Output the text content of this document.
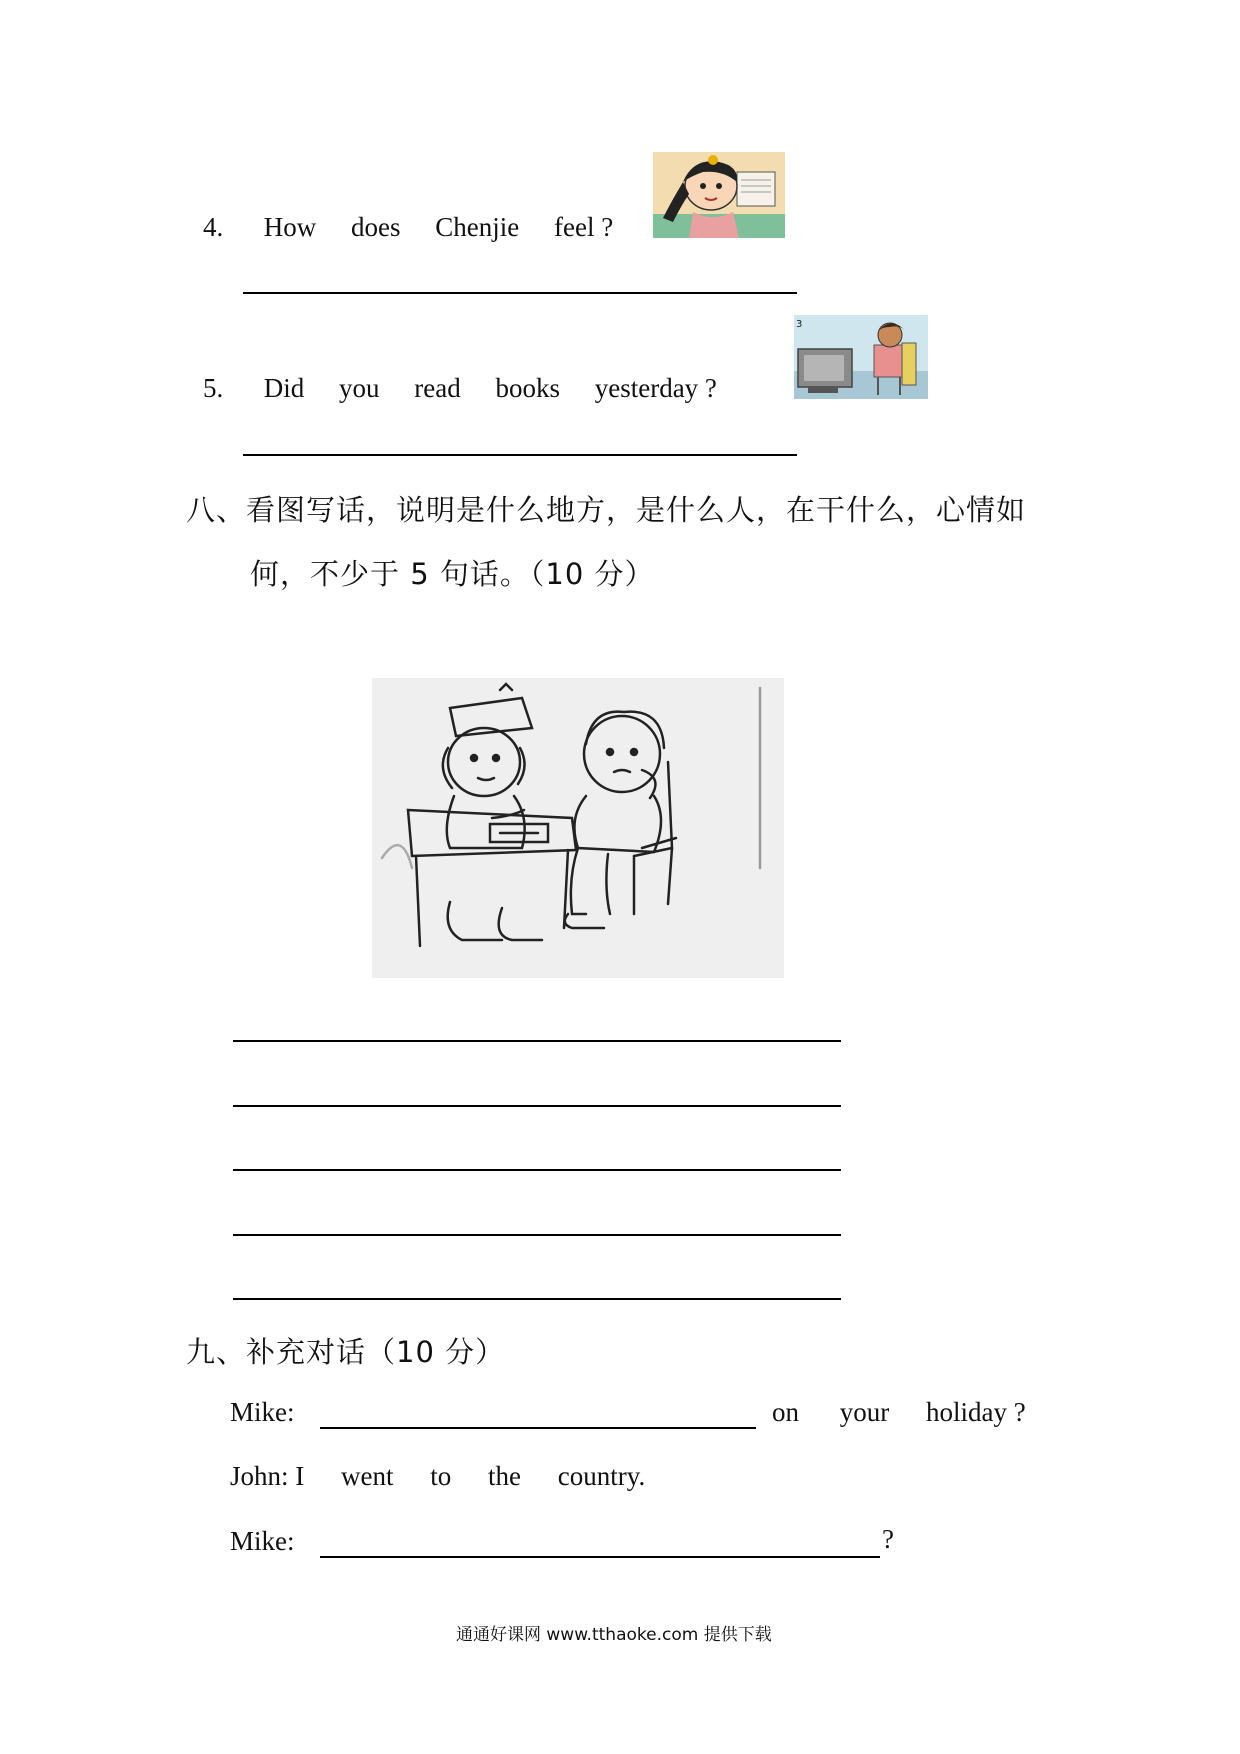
4. How does Chenjie feel ?
5. Did you read books yesterday ?
3
八、看图写话，说明是什么地方，是什么人，在干什么，心情如
何，不少于 5 句话。（10 分）
九、补充对话（10 分）
Mike:	on your holiday ?
John: I went to the country.
Mike:	?
通通好课网 www.tthaoke.com 提供下载
